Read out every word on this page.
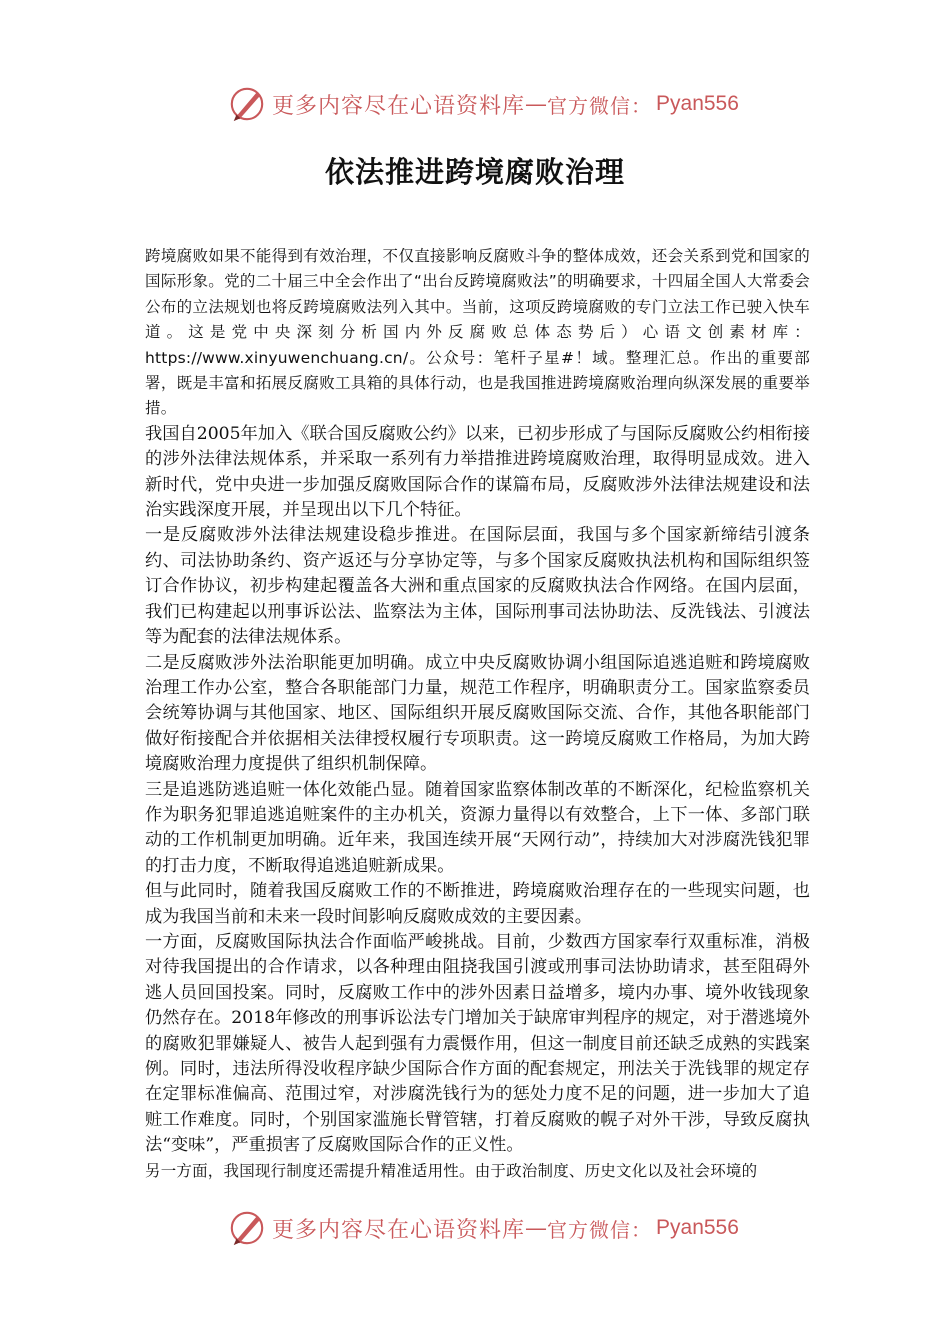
更多内容尽在心语资料库 — 官方微信： Pyan556
依法推进跨境腐败治理

跨境腐败如果不能得到有效治理，不仅直接影响反腐败斗争的整体成效，还会关系到党和国家的国际形象。党的二十届三中全会作出了“出台反跨境腐败法”的明确要求，十四届全国人大常委会公布的立法规划也将反跨境腐败法列入其中。当前，这项反跨境腐败的专门立法工作已驶入快车道。这是党中央深刻分析国内外反腐败总体态势后）心语文创素材库：https://www.xinyuwenchuang.cn/。公众号：笔杆子星#！域。整理汇总。作出的重要部署，既是丰富和拓展反腐败工具箱的具体行动，也是我国推进跨境腐败治理向纵深发展的重要举措。

我国自2005年加入《联合国反腐败公约》以来，已初步形成了与国际反腐败公约相衔接的涉外法律法规体系，并采取一系列有力举措推进跨境腐败治理，取得明显成效。进入新时代，党中央进一步加强反腐败国际合作的谋篇布局，反腐败涉外法律法规建设和法治实践深度开展，并呈现出以下几个特征。

一是反腐败涉外法律法规建设稳步推进。在国际层面，我国与多个国家新缔结引渡条约、司法协助条约、资产返还与分享协定等，与多个国家反腐败执法机构和国际组织签订合作协议，初步构建起覆盖各大洲和重点国家的反腐败执法合作网络。在国内层面，我们已构建起以刑事诉讼法、监察法为主体，国际刑事司法协助法、反洗钱法、引渡法等为配套的法律法规体系。

二是反腐败涉外法治职能更加明确。成立中央反腐败协调小组国际追逃追赃和跨境腐败治理工作办公室，整合各职能部门力量，规范工作程序，明确职责分工。国家监察委员会统筹协调与其他国家、地区、国际组织开展反腐败国际交流、合作，其他各职能部门做好衔接配合并依据相关法律授权履行专项职责。这一跨境反腐败工作格局，为加大跨境腐败治理力度提供了组织机制保障。

三是追逃防逃追赃一体化效能凸显。随着国家监察体制改革的不断深化，纪检监察机关作为职务犯罪追逃追赃案件的主办机关，资源力量得以有效整合，上下一体、多部门联动的工作机制更加明确。近年来，我国连续开展“天网行动”，持续加大对涉腐洗钱犯罪的打击力度，不断取得追逃追赃新成果。

但与此同时，随着我国反腐败工作的不断推进，跨境腐败治理存在的一些现实问题，也成为我国当前和未来一段时间影响反腐败成效的主要因素。

一方面，反腐败国际执法合作面临严峻挑战。目前，少数西方国家奉行双重标准，消极对待我国提出的合作请求，以各种理由阻挠我国引渡或刑事司法协助请求，甚至阻碍外逃人员回国投案。同时，反腐败工作中的涉外因素日益增多，境内办事、境外收钱现象仍然存在。2018年修改的刑事诉讼法专门增加关于缺席审判程序的规定，对于潜逃境外的腐败犯罪嫌疑人、被告人起到强有力震慑作用，但这一制度目前还缺乏成熟的实践案例。同时，违法所得没收程序缺少国际合作方面的配套规定，刑法关于洗钱罪的规定存在定罪标准偏高、范围过窄，对涉腐洗钱行为的惩处力度不足的问题，进一步加大了追赃工作难度。同时，个别国家滥施长臂管辖，打着反腐败的幌子对外干涉，导致反腐执法“变味”，严重损害了反腐败国际合作的正义性。

另一方面，我国现行制度还需提升精准适用性。由于政治制度、历史文化以及社会环境的

更多内容尽在心语资料库 — 官方微信： Pyan556
